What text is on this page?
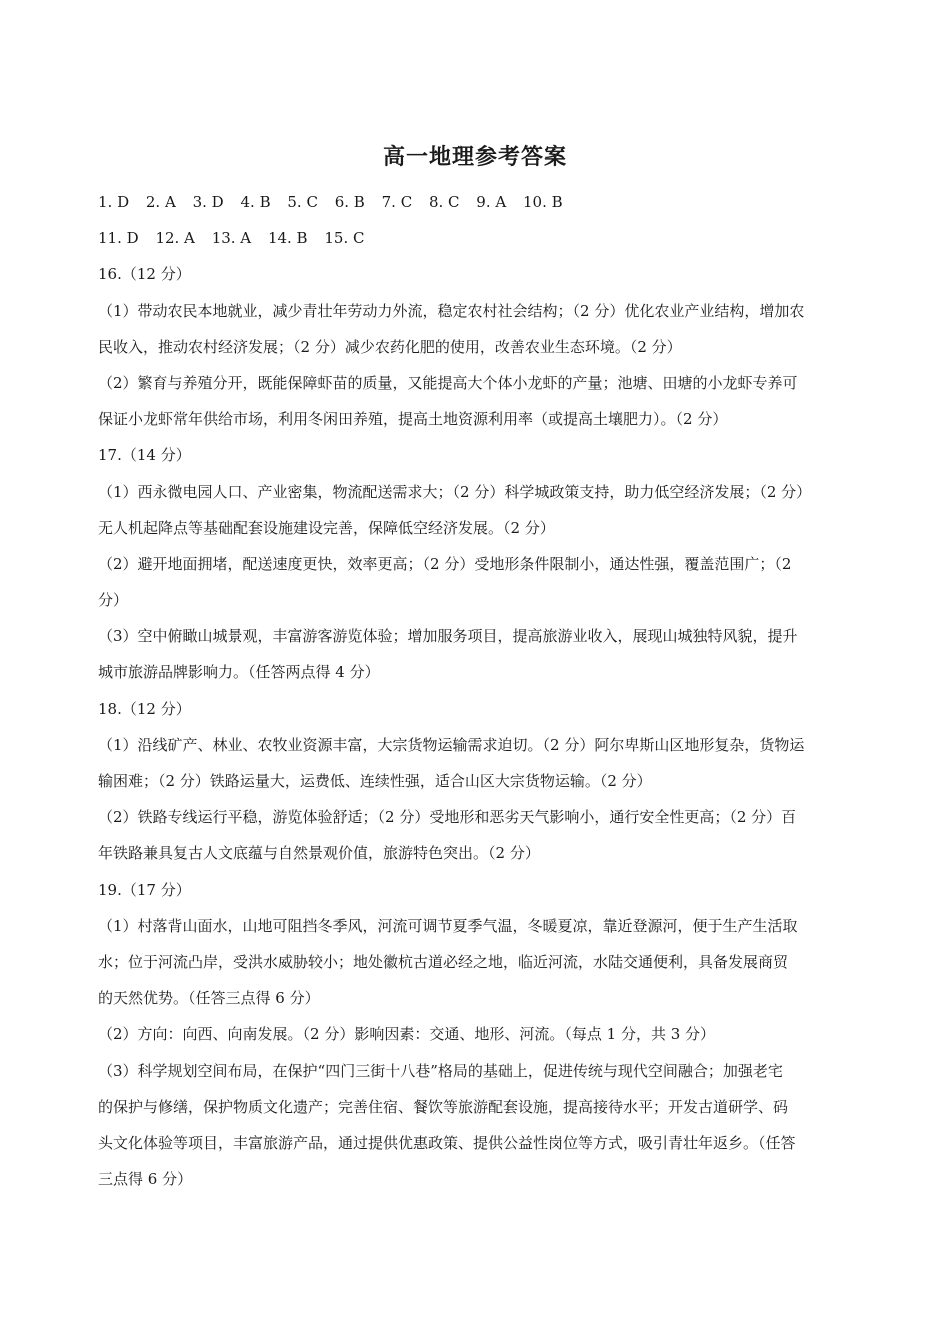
高一地理参考答案
1. D 2. A 3. D 4. B 5. C 6. B 7. C 8. C 9. A 10. B
11. D 12. A 13. A 14. B 15. C
16.（12 分）
（1）带动农民本地就业，减少青壮年劳动力外流，稳定农村社会结构；（2 分）优化农业产业结构，增加农
民收入，推动农村经济发展；（2 分）减少农药化肥的使用，改善农业生态环境。（2 分）
（2）繁育与养殖分开，既能保障虾苗的质量，又能提高大个体小龙虾的产量；池塘、田塘的小龙虾专养可
保证小龙虾常年供给市场，利用冬闲田养殖，提高土地资源利用率（或提高土壤肥力）。（2 分）
17.（14 分）
（1）西永微电园人口、产业密集，物流配送需求大；（2 分）科学城政策支持，助力低空经济发展；（2 分）
无人机起降点等基础配套设施建设完善，保障低空经济发展。（2 分）
（2）避开地面拥堵，配送速度更快，效率更高；（2 分）受地形条件限制小，通达性强，覆盖范围广；（2
分）
（3）空中俯瞰山城景观，丰富游客游览体验；增加服务项目，提高旅游业收入，展现山城独特风貌，提升
城市旅游品牌影响力。（任答两点得 4 分）
18.（12 分）
（1）沿线矿产、林业、农牧业资源丰富，大宗货物运输需求迫切。（2 分）阿尔卑斯山区地形复杂，货物运
输困难；（2 分）铁路运量大，运费低、连续性强，适合山区大宗货物运输。（2 分）
（2）铁路专线运行平稳，游览体验舒适；（2 分）受地形和恶劣天气影响小，通行安全性更高；（2 分）百
年铁路兼具复古人文底蕴与自然景观价值，旅游特色突出。（2 分）
19.（17 分）
（1）村落背山面水，山地可阻挡冬季风，河流可调节夏季气温，冬暖夏凉，靠近登源河，便于生产生活取
水；位于河流凸岸，受洪水威胁较小；地处徽杭古道必经之地，临近河流，水陆交通便利，具备发展商贸
的天然优势。（任答三点得 6 分）
（2）方向：向西、向南发展。（2 分）影响因素：交通、地形、河流。（每点 1 分，共 3 分）
（3）科学规划空间布局，在保护“四门三街十八巷”格局的基础上，促进传统与现代空间融合；加强老宅
的保护与修缮，保护物质文化遗产；完善住宿、餐饮等旅游配套设施，提高接待水平；开发古道研学、码
头文化体验等项目，丰富旅游产品，通过提供优惠政策、提供公益性岗位等方式，吸引青壮年返乡。（任答
三点得 6 分）
